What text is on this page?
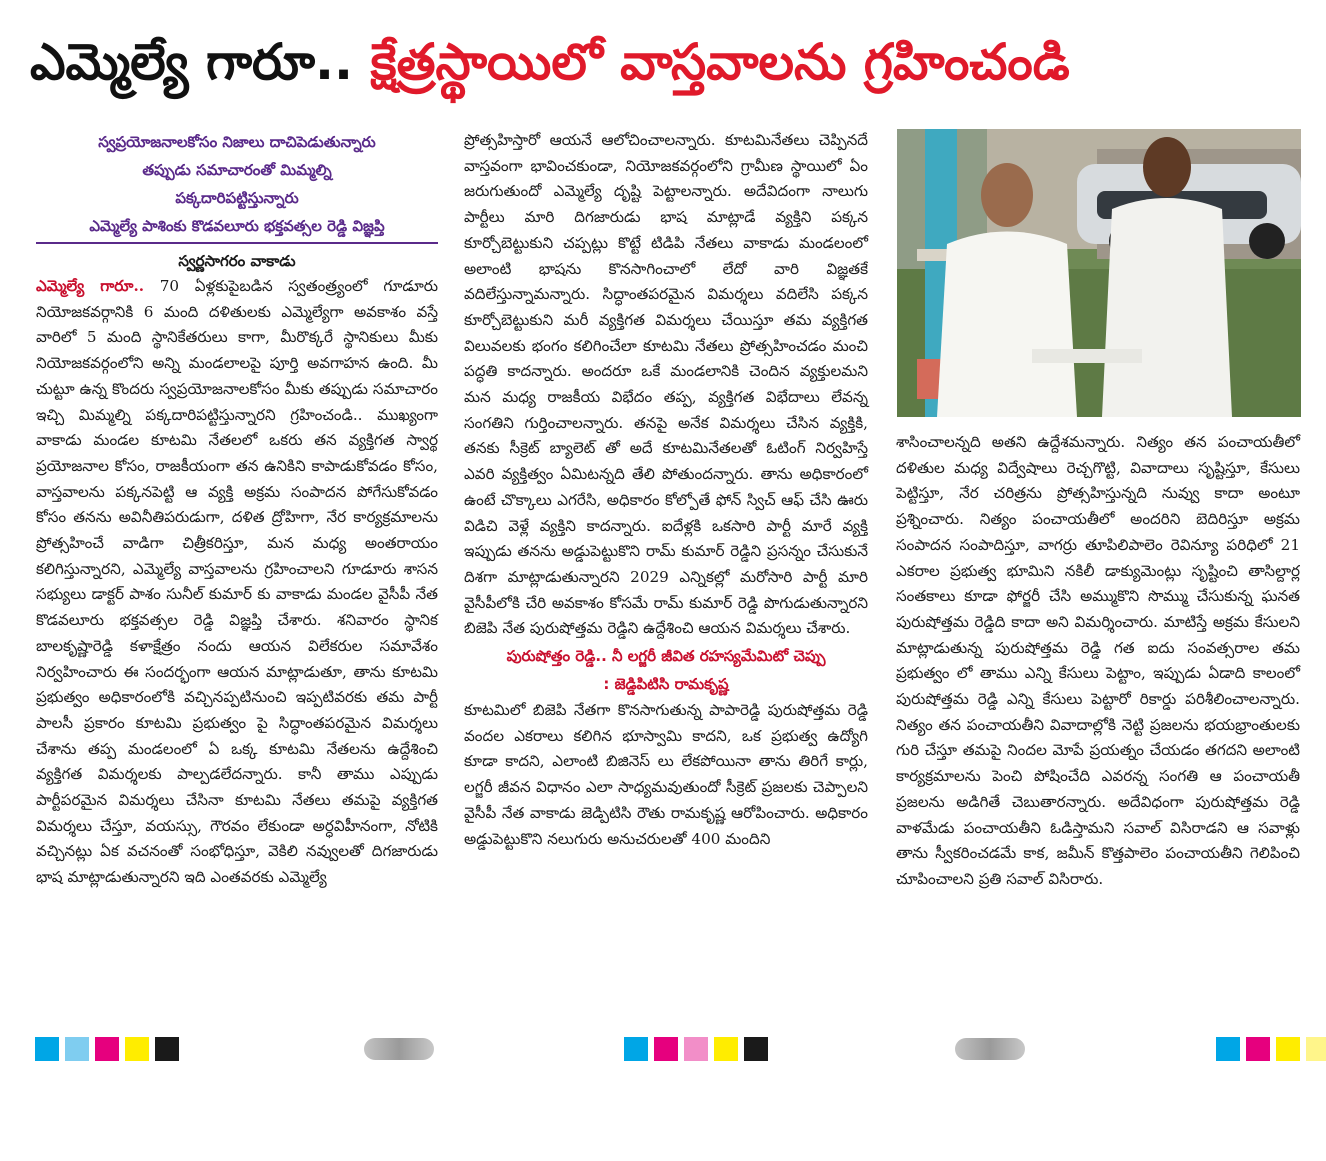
ఎమ్మెల్యే గారూ.. క్షేత్రస్థాయిలో వాస్తవాలను గ్రహించండి
స్వప్రయోజనాలకోసం నిజాలు దాచిపెడుతున్నారు
తప్పుడు సమాచారంతో మిమ్మల్ని
పక్కదారిపట్టిస్తున్నారు
ఎమ్మెల్యే పాశింకు కొడవలూరు భక్తవత్సల రెడ్డి విజ్ఞప్తి
స్వర్ణసాగరం వాకాడు

ఎమ్మెల్యే గారూ.. 70 ఏళ్లకుపైబడిన స్వతంత్ర్యంలో గూడూరు నియోజకవర్గానికి 6 మంది దళితులకు ఎమ్మెల్యేగా అవకాశం వస్తే వారిలో 5 మంది స్థానికేతరులు కాగా, మీరొక్కరే స్థానికులు మీకు నియోజకవర్గంలోని అన్ని మండలాలపై పూర్తి అవగాహన ఉంది. మీ చుట్టూ ఉన్న కొందరు స్వప్రయోజనాలకోసం మీకు తప్పుడు సమాచారం ఇచ్చి మిమ్మల్ని పక్కదారిపట్టిస్తున్నారని గ్రహించండి.. ముఖ్యంగా వాకాడు మండల కూటమి నేతలలో ఒకరు తన వ్యక్తిగత స్వార్థ ప్రయోజనాల కోసం, రాజకీయంగా తన ఉనికిని కాపాడుకోవడం కోసం, వాస్తవాలను పక్కనపెట్టి ఆ వ్యక్తి అక్రమ సంపాదన పోగేసుకోవడం కోసం తనను అవినీతిపరుడుగా, దళిత ద్రోహిగా, నేర కార్యక్రమాలను ప్రోత్సహించే వాడిగా చిత్రీకరిస్తూ, మన మధ్య అంతరాయం కలిగిస్తున్నారని, ఎమ్మెల్యే వాస్తవాలను గ్రహించాలని గూడూరు శాసన సభ్యులు డాక్టర్ పాశం సునీల్ కుమార్ కు వాకాడు మండల వైసీపీ నేత కొడవలూరు భక్తవత్సల రెడ్డి విజ్ఞప్తి చేశారు. శనివారం స్థానిక బాలకృష్ణారెడ్డి కళాక్షేత్రం నందు ఆయన విలేకరుల సమావేశం నిర్వహించారు ఈ సందర్భంగా ఆయన మాట్లాడుతూ, తాను కూటమి ప్రభుత్వం అధికారంలోకి వచ్చినప్పటినుంచి ఇప్పటివరకు తమ పార్టీ పాలసీ ప్రకారం కూటమి ప్రభుత్వం పై సిద్ధాంతపరమైన విమర్శలు చేశాను తప్ప మండలంలో ఏ ఒక్క కూటమి నేతలను ఉద్దేశించి వ్యక్తిగత విమర్శలకు పాల్పడలేదన్నారు. కానీ తాము ఎప్పుడు పార్టీపరమైన విమర్శలు చేసినా కూటమి నేతలు తమపై వ్యక్తిగత విమర్శలు చేస్తూ, వయస్సు, గౌరవం లేకుండా అర్ధవిహీనంగా, నోటికి వచ్చినట్లు ఏక వచనంతో సంభోధిస్తూ, వెకిలి నవ్వులతో దిగజారుడు భాష మాట్లాడుతున్నారని ఇది ఎంతవరకు ఎమ్మెల్యే

ప్రోత్సహిస్తారో ఆయనే ఆలోచించాలన్నారు. కూటమినేతలు చెప్పినదే వాస్తవంగా భావించకుండా, నియోజకవర్గంలోని గ్రామీణ స్థాయిలో ఏం జరుగుతుందో ఎమ్మెల్యే దృష్టి పెట్టాలన్నారు. అదేవిదంగా నాలుగు పార్టీలు మారి దిగజారుడు భాష మాట్లాడే వ్యక్తిని పక్కన కూర్చోబెట్టుకుని చప్పట్లు కొట్టే టిడిపి నేతలు వాకాడు మండలంలో అలాంటి భాషను కొనసాగించాలో లేదో వారి విజ్ఞతకే వదిలేస్తున్నామన్నారు. సిద్ధాంతపరమైన విమర్శలు వదిలేసి పక్కన కూర్చోబెట్టుకుని మరీ వ్యక్తిగత విమర్శలు చేయిస్తూ తమ వ్యక్తిగత విలువలకు భంగం కలిగించేలా కూటమి నేతలు ప్రోత్సహించడం మంచి పద్ధతి కాదన్నారు. అందరూ ఒకే మండలానికి చెందిన వ్యక్తులమని మన మధ్య రాజకీయ విభేదం తప్ప, వ్యక్తిగత విభేదాలు లేవన్న సంగతిని గుర్తించాలన్నారు. తనపై అనేక విమర్శలు చేసిన వ్యక్తికి, తనకు సీక్రెట్ బ్యాలెట్ తో అదే కూటమినేతలతో ఓటింగ్ నిర్వహిస్తే ఎవరి వ్యక్తిత్వం ఏమిటన్నది తేలి పోతుందన్నారు. తాను అధికారంలో ఉంటే చొక్కాలు ఎగరేసి, అధికారం కోల్పోతే ఫోన్ స్విచ్ ఆఫ్ చేసి ఊరు విడిచి వెళ్లే వ్యక్తిని కాదన్నారు. ఐదేళ్లకి ఒకసారి పార్టీ మారే వ్యక్తి ఇప్పుడు తనను అడ్డుపెట్టుకొని రామ్ కుమార్ రెడ్డిని ప్రసన్నం చేసుకునే దిశగా మాట్లాడుతున్నారని 2029 ఎన్నికల్లో మరోసారి పార్టీ మారి వైసీపీలోకి చేరి అవకాశం కోసమే రామ్ కుమార్ రెడ్డి పొగుడుతున్నారని బిజెపి నేత పురుషోత్తమ రెడ్డిని ఉద్దేశించి ఆయన విమర్శలు చేశారు.

పురుషోత్తం రెడ్డి.. నీ లగ్జరీ జీవిత రహస్యమేమిటో చెప్పు
: జెడ్డిపిటిసి రామకృష్ణ

కూటమిలో బిజెపి నేతగా కొనసాగుతున్న పాపారెడ్డి పురుషోత్తమ రెడ్డి వందల ఎకరాలు కలిగిన భూస్వామి కాదని, ఒక ప్రభుత్వ ఉద్యోగి కూడా కాదని, ఎలాంటి బిజినెస్ లు లేకపోయినా తాను తిరిగే కార్లు, లగ్జరీ జీవన విధానం ఎలా సాధ్యమవుతుందో సీక్రెట్ ప్రజలకు చెప్పాలని వైసీపీ నేత వాకాడు జెడ్పిటిసి రౌతు రామకృష్ణ ఆరోపించారు. అధికారం అడ్డుపెట్టుకొని నలుగురు అనుచరులతో 400 మందిని

శాసించాలన్నది అతని ఉద్దేశమన్నారు. నిత్యం తన పంచాయతీలో దళితుల మధ్య విద్వేషాలు రెచ్చగొట్టి, వివాదాలు సృష్టిస్తూ, కేసులు పెట్టిస్తూ, నేర చరిత్రను ప్రోత్సహిస్తున్నది నువ్వు కాదా అంటూ ప్రశ్నించారు. నిత్యం పంచాయతీలో అందరిని బెదిరిస్తూ అక్రమ సంపాదన సంపాదిస్తూ, వాగర్రు తూపిలిపాలెం రెవిన్యూ పరిధిలో 21 ఎకరాల ప్రభుత్వ భూమిని నకిలీ డాక్యుమెంట్లు సృష్టించి తాసిల్దార్ల సంతకాలు కూడా ఫోర్జరీ చేసి అమ్ముకొని సొమ్ము చేసుకున్న ఘనత పురుషోత్తమ రెడ్డిది కాదా అని విమర్శించారు. మాటిస్తే అక్రమ కేసులని మాట్లాడుతున్న పురుషోత్తమ రెడ్డి గత ఐదు సంవత్సరాల తమ ప్రభుత్వం లో తాము ఎన్ని కేసులు పెట్టాం, ఇప్పుడు ఏడాది కాలంలో పురుషోత్తమ రెడ్డి ఎన్ని కేసులు పెట్టారో రికార్డు పరిశీలించాలన్నారు. నిత్యం తన పంచాయతీని వివాదాల్లోకి నెట్టి ప్రజలను భయభ్రాంతులకు గురి చేస్తూ తమపై నిందల మోపే ప్రయత్నం చేయడం తగదని అలాంటి కార్యక్రమాలను పెంచి పోషించేది ఎవరన్న సంగతి ఆ పంచాయతీ ప్రజలను అడిగితే చెబుతారన్నారు. అదేవిధంగా పురుషోత్తమ రెడ్డి వాళమేడు పంచాయతీని ఓడిస్తామని సవాల్ విసిరాడని ఆ సవాళ్లు తాను స్వీకరించడమే కాక, జమీన్ కొత్తపాలెం పంచాయతీని గెలిపించి చూపించాలని ప్రతి సవాల్ విసిరారు.
